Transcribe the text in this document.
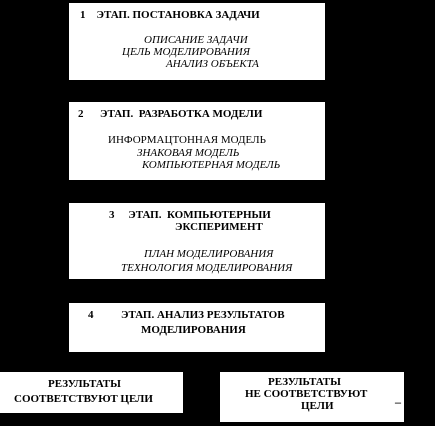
1    ЭТАП. ПОСТАНОВКА ЗАДАЧИ
ОПИСАНИЕ ЗАДАЧИ
ЦЕЛЬ МОДЕЛИРОВАНИЯ
АНАЛИЗ ОБЪЕКТА
2      ЭТАП.  РАЗРАБОТКА МОДЕЛИ
ИНФОРМАЦТОННАЯ МОДЕЛЬ
ЗНАКОВАЯ МОДЕЛЬ
КОМПЬЮТЕРНАЯ МОДЕЛЬ
3     ЭТАП.  КОМПЬЮТЕРНЫИ
ЭКСПЕРИМЕНТ
ПЛАН МОДЕЛИРОВАНИЯ
ТЕХНОЛОГИЯ МОДЕЛИРОВАНИЯ
4          ЭТАП. АНАЛИЗ РЕЗУЛЬТАТОВ
МОДЕЛИРОВАНИЯ
РЕЗУЛЬТАТЫ
СООТВЕТСТВУЮТ ЦЕЛИ
РЕЗУЛЬТАТЫ
НЕ СООТВЕТСТВУЮТ
ЦЕЛИ
_
